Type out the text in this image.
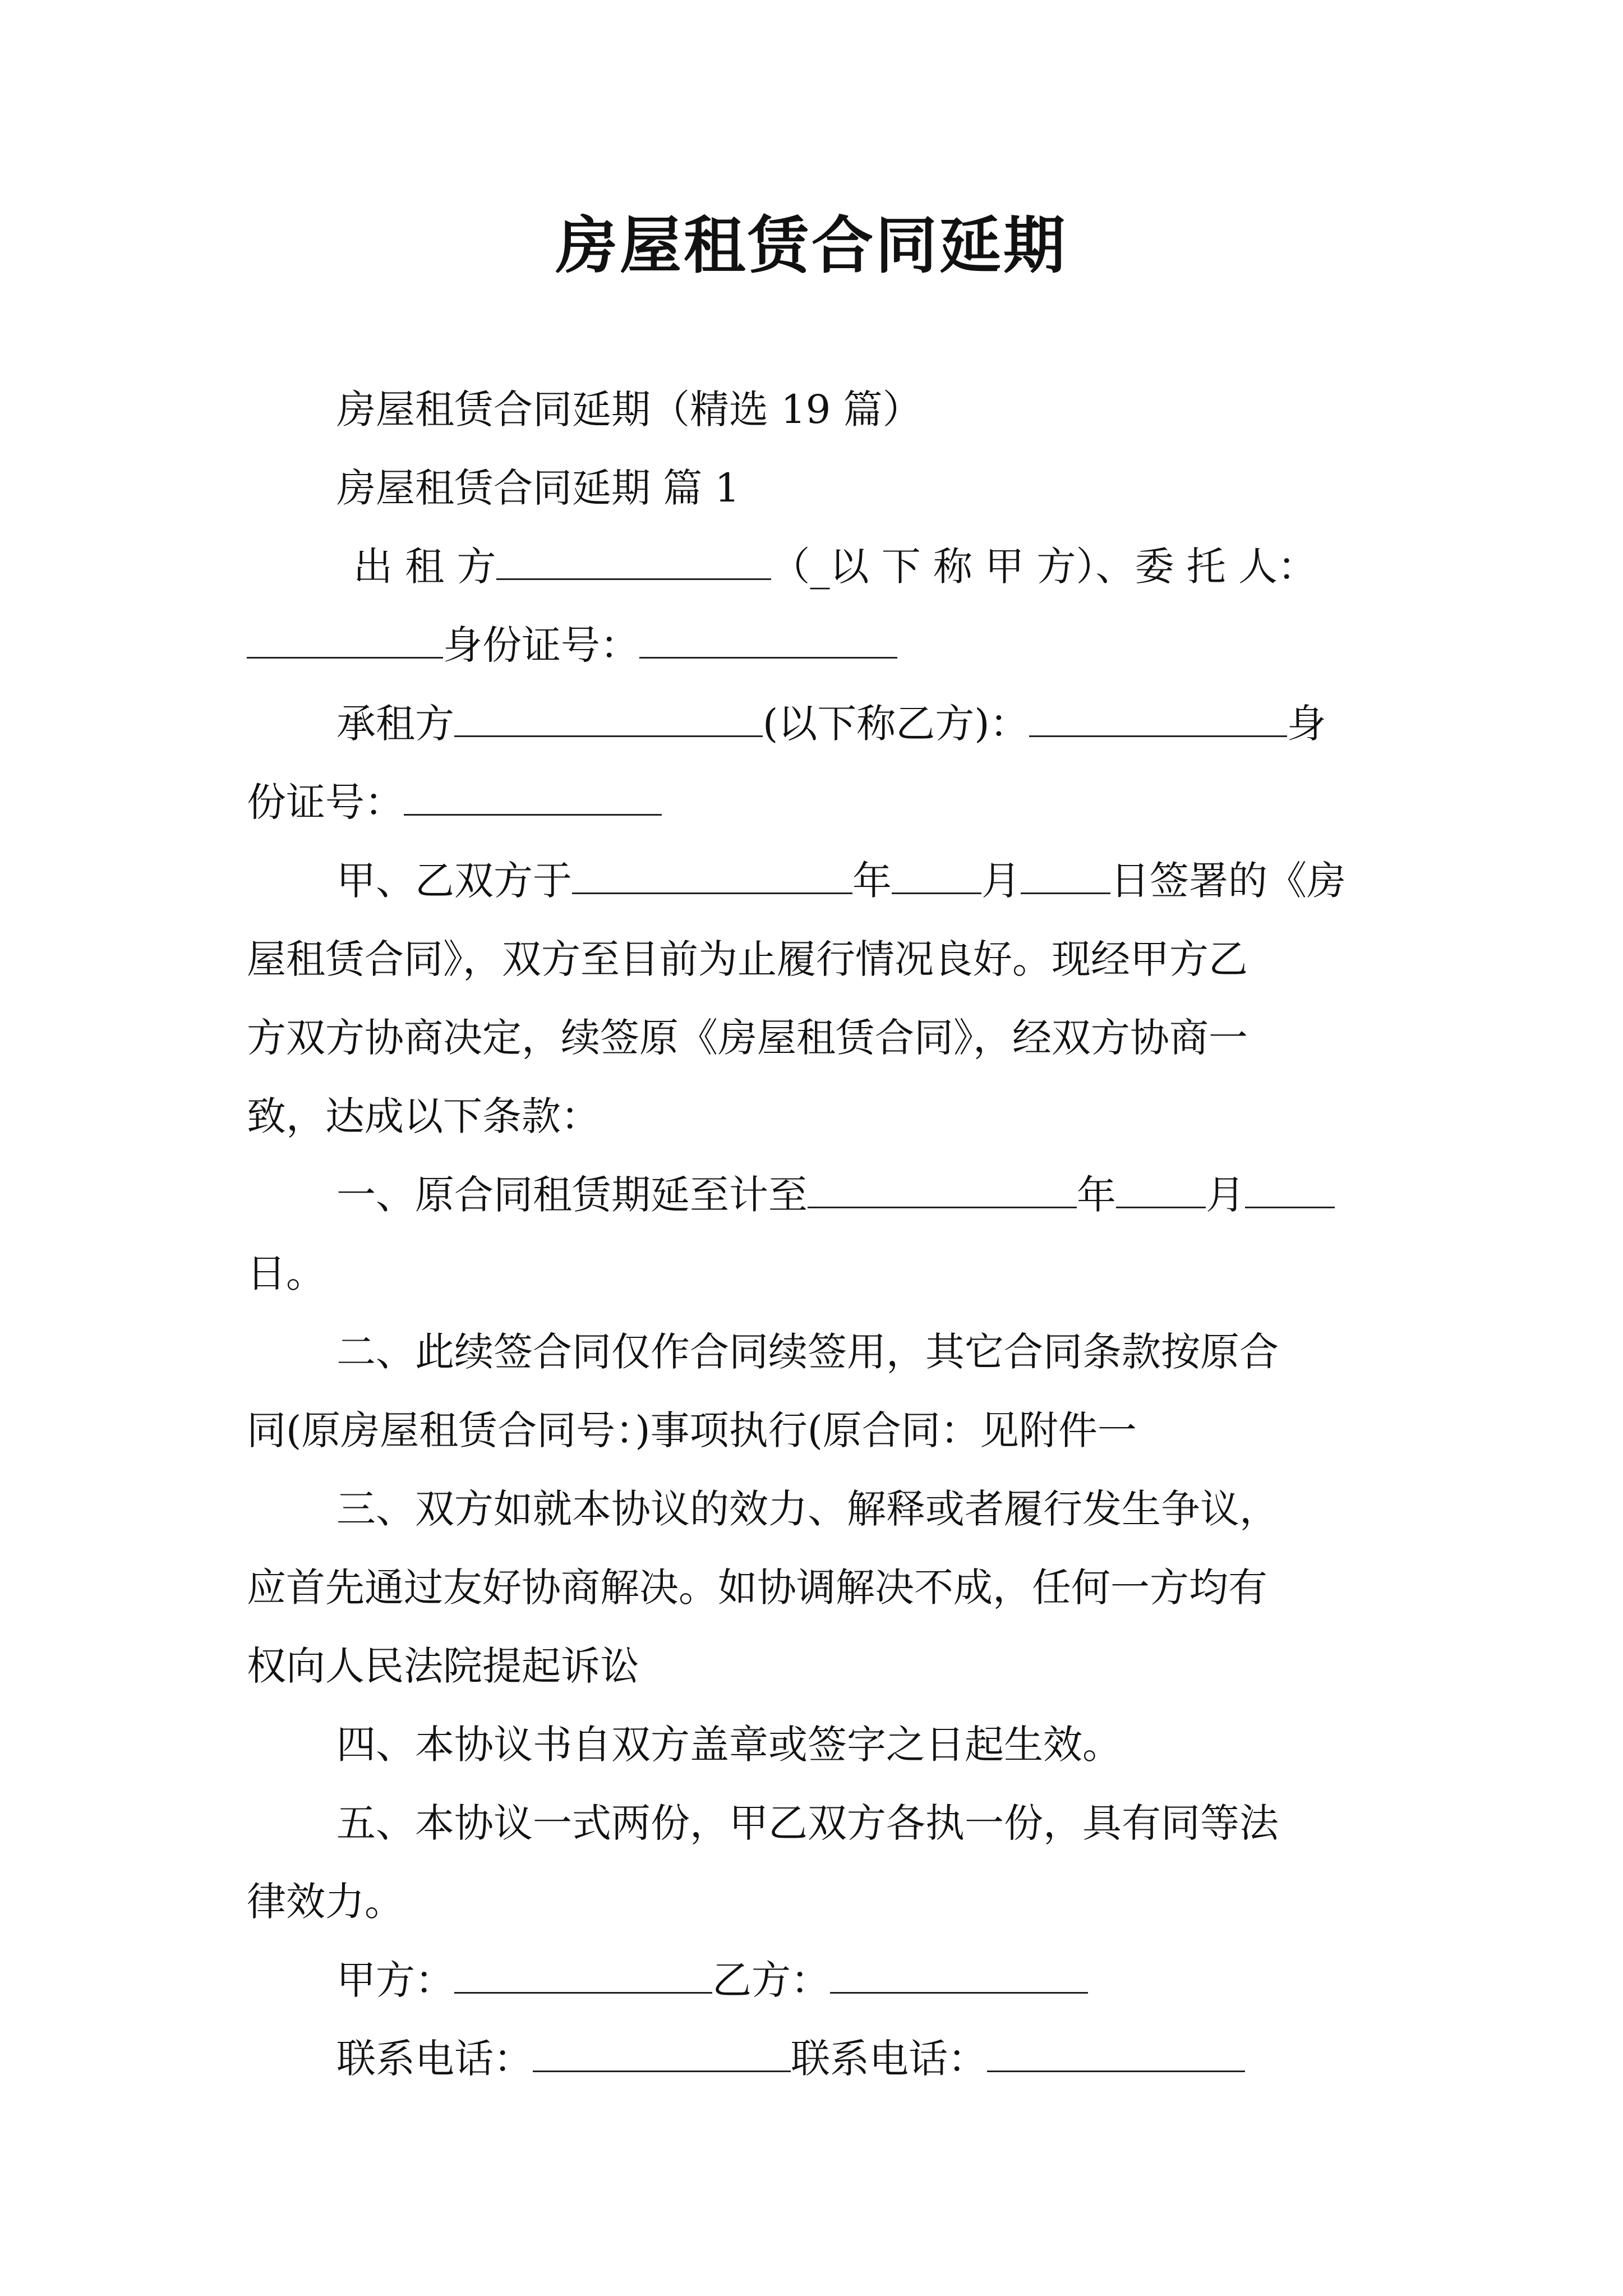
房屋租赁合同延期
房屋租赁合同延期（精选 19 篇）
房屋租赁合同延期 篇 1
出 租 方	（_以 下 称 甲 方）、委 托 人：
身份证号：
承租方	(以下称乙方)：	身
份证号：
甲、乙双方于	年 月 日签署的《房
屋租赁合同》，双方至目前为止履行情况良好。现经甲方乙
方双方协商决定，续签原《房屋租赁合同》，经双方协商一
致，达成以下条款：
一、原合同租赁期延至计至	年 月
日。
二、此续签合同仅作合同续签用，其它合同条款按原合
同(原房屋租赁合同号：)事项执行(原合同：见附件一
三、双方如就本协议的效力、解释或者履行发生争议，
应首先通过友好协商解决。如协调解决不成，任何一方均有
权向人民法院提起诉讼
四、本协议书自双方盖章或签字之日起生效。
五、本协议一式两份，甲乙双方各执一份，具有同等法
律效力。
甲方：	乙方：
联系电话：	联系电话：
